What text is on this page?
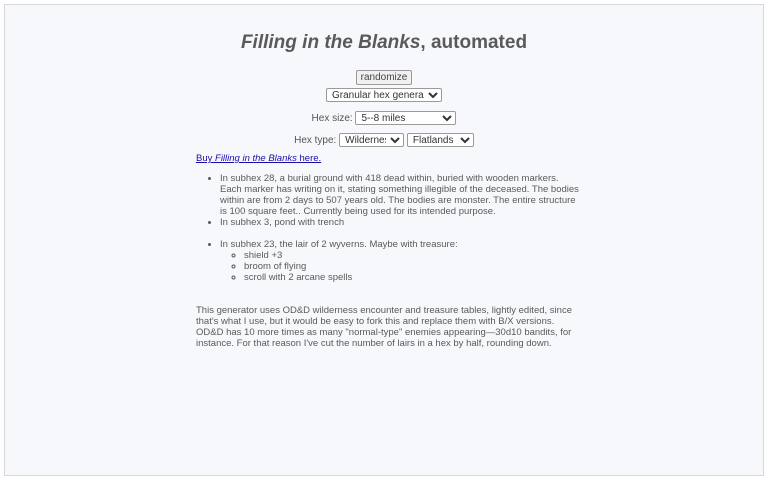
Filling in the Blanks, automated
randomize
Granular hex generation
Hex size:
5--8 miles
Hex type:
Wilderness
Flatlands
Buy Filling in the Blanks here.
• In subhex 28, a burial ground with 418 dead within, buried with wooden markers. Each marker has writing on it, stating something illegible of the deceased. The bodies within are from 2 days to 507 years old. The bodies are monster. The entire structure is 100 square feet.. Currently being used for its intended purpose.
• In subhex 3, pond with trench
• In subhex 23, the lair of 2 wyverns. Maybe with treasure:
◦ shield +3
◦ broom of flying
◦ scroll with 2 arcane spells

This generator uses OD&D wilderness encounter and treasure tables, lightly edited, since that's what I use, but it would be easy to fork this and replace them with B/X versions.

OD&D has 10 more times as many "normal-type" enemies appearing—30d10 bandits, for instance. For that reason I've cut the number of lairs in a hex by half, rounding down.
